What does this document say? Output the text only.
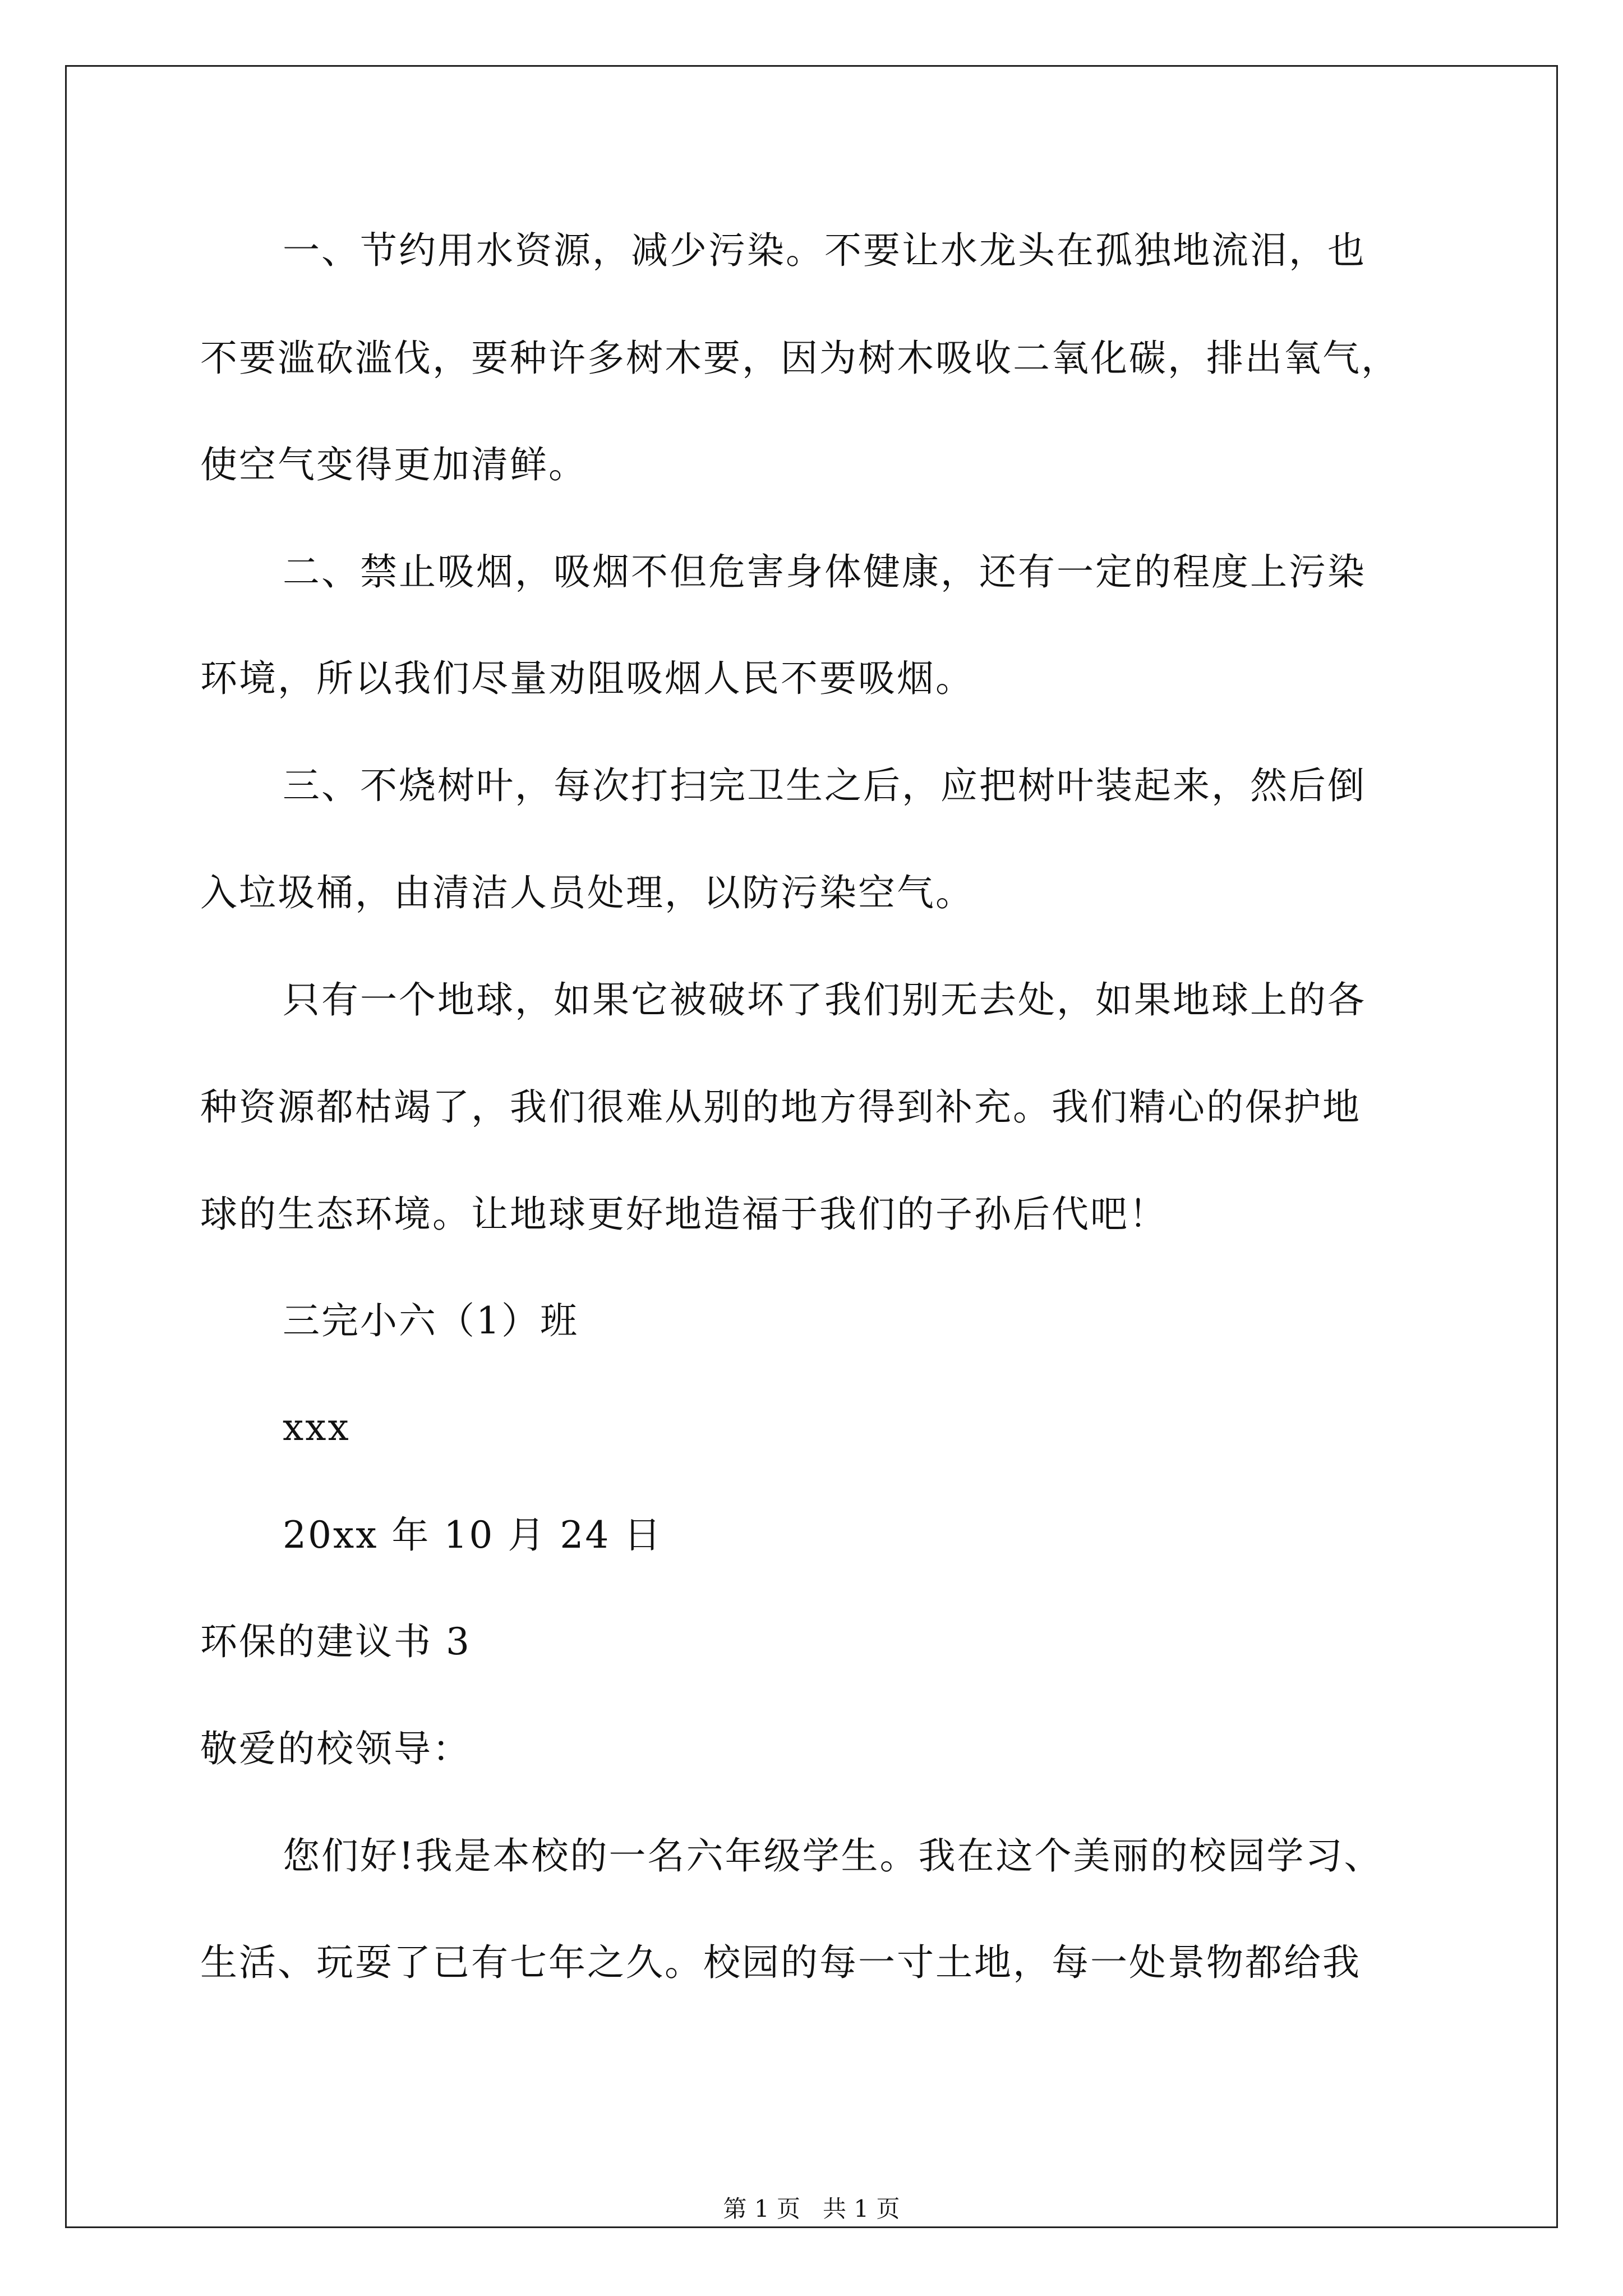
一、节约用水资源，减少污染。不要让水龙头在孤独地流泪，也
不要滥砍滥伐，要种许多树木要，因为树木吸收二氧化碳，排出氧气，
使空气变得更加清鲜。
二、禁止吸烟，吸烟不但危害身体健康，还有一定的程度上污染
环境，所以我们尽量劝阻吸烟人民不要吸烟。
三、不烧树叶，每次打扫完卫生之后，应把树叶装起来，然后倒
入垃圾桶，由清洁人员处理，以防污染空气。
只有一个地球，如果它被破坏了我们别无去处，如果地球上的各
种资源都枯竭了，我们很难从别的地方得到补充。我们精心的保护地
球的生态环境。让地球更好地造福于我们的子孙后代吧！
三完小六（1）班
xxx
20xx 年 10 月 24 日
环保的建议书 3
敬爱的校领导：
您们好!我是本校的一名六年级学生。我在这个美丽的校园学习、
生活、玩耍了已有七年之久。校园的每一寸土地，每一处景物都给我
第 1 页   共 1 页
